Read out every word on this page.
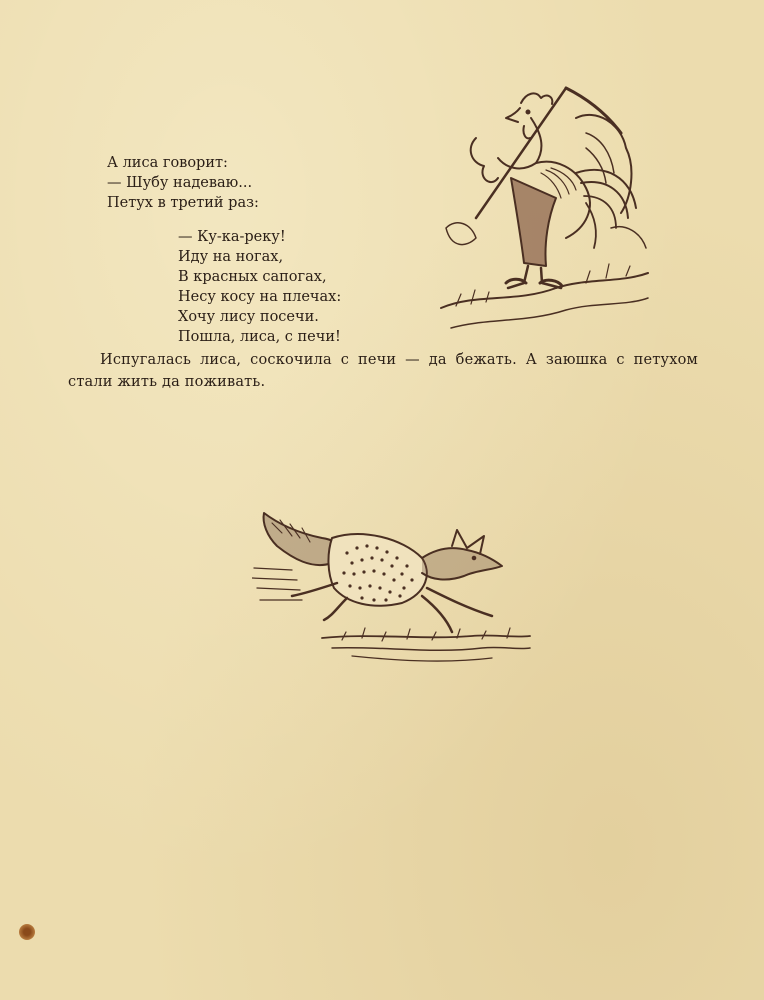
А лиса говорит:
— Шубу надеваю...
Петух в третий раз:
— Ку-ка-реку!
Иду на ногах,
В красных сапогах,
Несу косу на плечах:
Хочу лису посечи.
Пошла, лиса, с печи!
Испугалась лиса, соскочила с печи — да бежать. А заюшка с петухом стали жить да поживать.
